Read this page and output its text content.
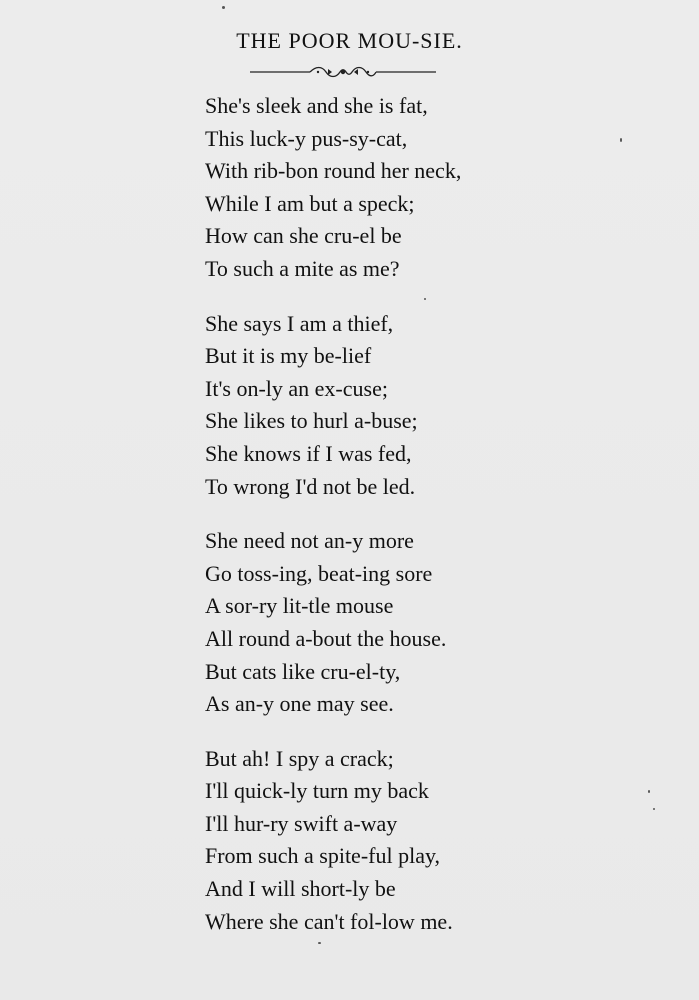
THE POOR MOU-SIE.
She's sleek and she is fat,
This luck-y pus-sy-cat,
With rib-bon round her neck,
While I am but a speck;
How can she cru-el be
To such a mite as me?
She says I am a thief,
But it is my be-lief
It's on-ly an ex-cuse;
She likes to hurl a-buse;
She knows if I was fed,
To wrong I'd not be led.
She need not an-y more
Go toss-ing, beat-ing sore
A sor-ry lit-tle mouse
All round a-bout the house.
But cats like cru-el-ty,
As an-y one may see.
But ah! I spy a crack;
I'll quick-ly turn my back
I'll hur-ry swift a-way
From such a spite-ful play,
And I will short-ly be
Where she can't fol-low me.
